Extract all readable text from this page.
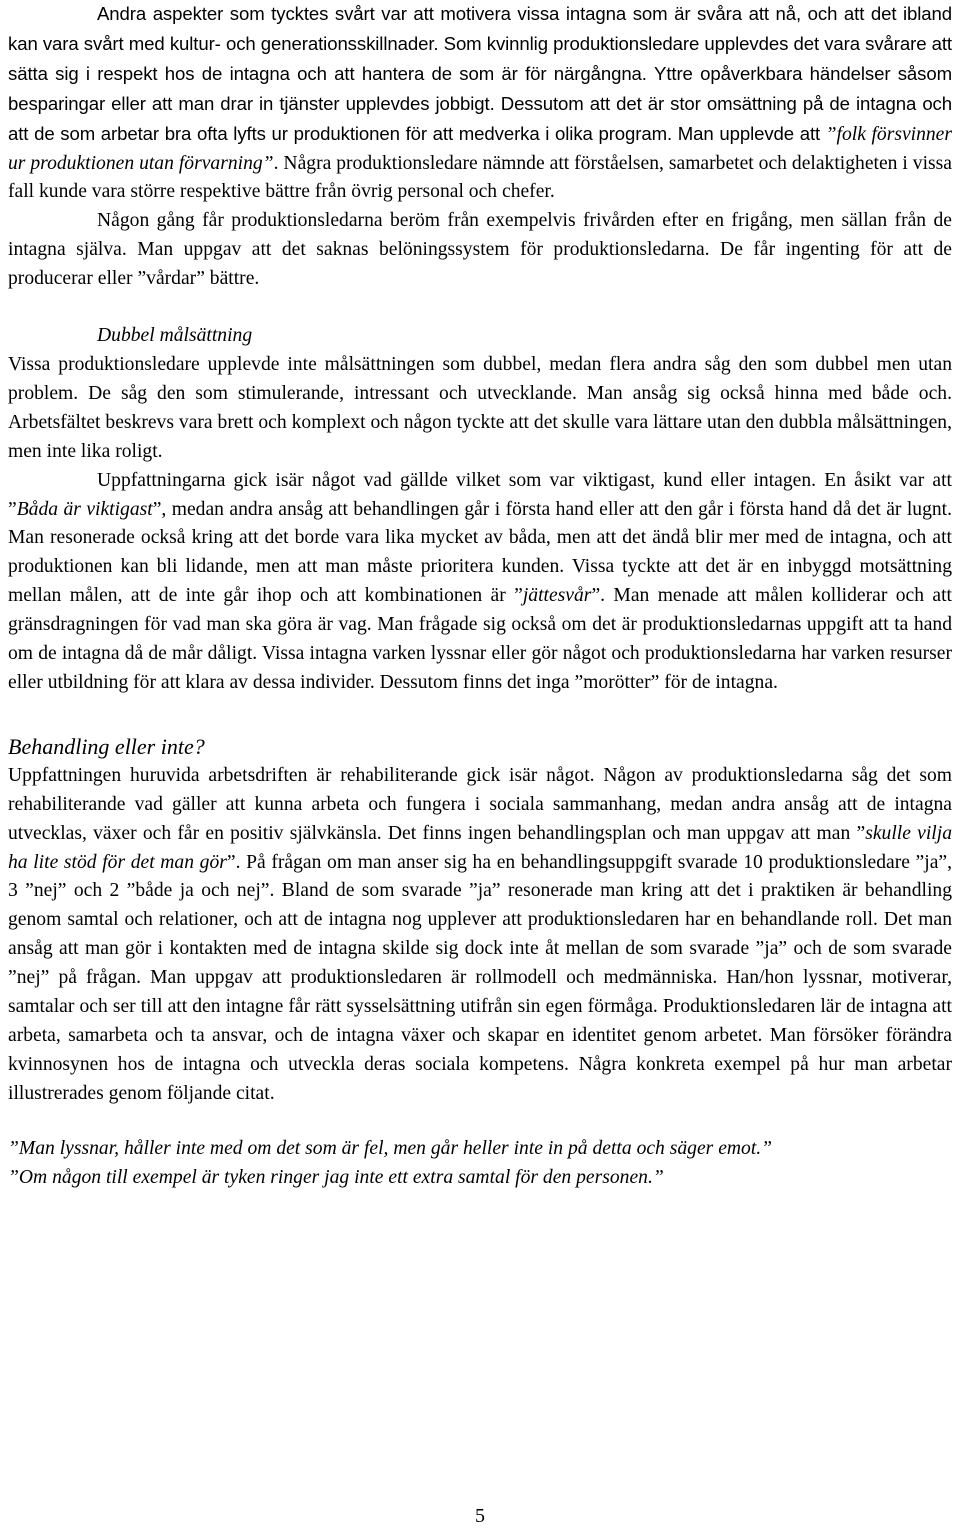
Andra aspekter som tycktes svårt var att motivera vissa intagna som är svåra att nå, och att det ibland kan vara svårt med kultur- och generationsskillnader. Som kvinnlig produktionsledare upplevdes det vara svårare att sätta sig i respekt hos de intagna och att hantera de som är för närgångna. Yttre opåverkbara händelser såsom besparingar eller att man drar in tjänster upplevdes jobbigt. Dessutom att det är stor omsättning på de intagna och att de som arbetar bra ofta lyfts ur produktionen för att medverka i olika program. Man upplevde att ”folk försvinner ur produktionen utan förvarning”. Några produktionsledare nämnde att förståelsen, samarbetet och delaktigheten i vissa fall kunde vara större respektive bättre från övrig personal och chefer.

Någon gång får produktionsledarna beröm från exempelvis frivården efter en frigång, men sällan från de intagna själva. Man uppgav att det saknas belöningssystem för produktionsledarna. De får ingenting för att de producerar eller ”vårdar” bättre.

Dubbel målsättning

Vissa produktionsledare upplevde inte målsättningen som dubbel, medan flera andra såg den som dubbel men utan problem. De såg den som stimulerande, intressant och utvecklande. Man ansåg sig också hinna med både och. Arbetsfältet beskrevs vara brett och komplext och någon tyckte att det skulle vara lättare utan den dubbla målsättningen, men inte lika roligt.

Uppfattningarna gick isär något vad gällde vilket som var viktigast, kund eller intagen. En åsikt var att ”Båda är viktigast”, medan andra ansåg att behandlingen går i första hand eller att den går i första hand då det är lugnt. Man resonerade också kring att det borde vara lika mycket av båda, men att det ändå blir mer med de intagna, och att produktionen kan bli lidande, men att man måste prioritera kunden. Vissa tyckte att det är en inbyggd motsättning mellan målen, att de inte går ihop och att kombinationen är ”jättesvår”. Man menade att målen kolliderar och att gränsdragningen för vad man ska göra är vag. Man frågade sig också om det är produktionsledarnas uppgift att ta hand om de intagna då de mår dåligt. Vissa intagna varken lyssnar eller gör något och produktionsledarna har varken resurser eller utbildning för att klara av dessa individer. Dessutom finns det inga ”morötter” för de intagna.

Behandling eller inte?

Uppfattningen huruvida arbetsdriften är rehabiliterande gick isär något. Någon av produktionsledarna såg det som rehabiliterande vad gäller att kunna arbeta och fungera i sociala sammanhang, medan andra ansåg att de intagna utvecklas, växer och får en positiv självkänsla. Det finns ingen behandlingsplan och man uppgav att man ”skulle vilja ha lite stöd för det man gör”. På frågan om man anser sig ha en behandlingsuppgift svarade 10 produktionsledare ”ja”, 3 ”nej” och 2 ”både ja och nej”. Bland de som svarade ”ja” resonerade man kring att det i praktiken är behandling genom samtal och relationer, och att de intagna nog upplever att produktionsledaren har en behandlande roll. Det man ansåg att man gör i kontakten med de intagna skilde sig dock inte åt mellan de som svarade ”ja” och de som svarade ”nej” på frågan. Man uppgav att produktionsledaren är rollmodell och medmänniska. Han/hon lyssnar, motiverar, samtalar och ser till att den intagne får rätt sysselsättning utifrån sin egen förmåga. Produktionsledaren lär de intagna att arbeta, samarbeta och ta ansvar, och de intagna växer och skapar en identitet genom arbetet. Man försöker förändra kvinnosynen hos de intagna och utveckla deras sociala kompetens. Några konkreta exempel på hur man arbetar illustrerades genom följande citat.

”Man lyssnar, håller inte med om det som är fel, men går heller inte in på detta och säger emot.”

”Om någon till exempel är tyken ringer jag inte ett extra samtal för den personen.”

5
